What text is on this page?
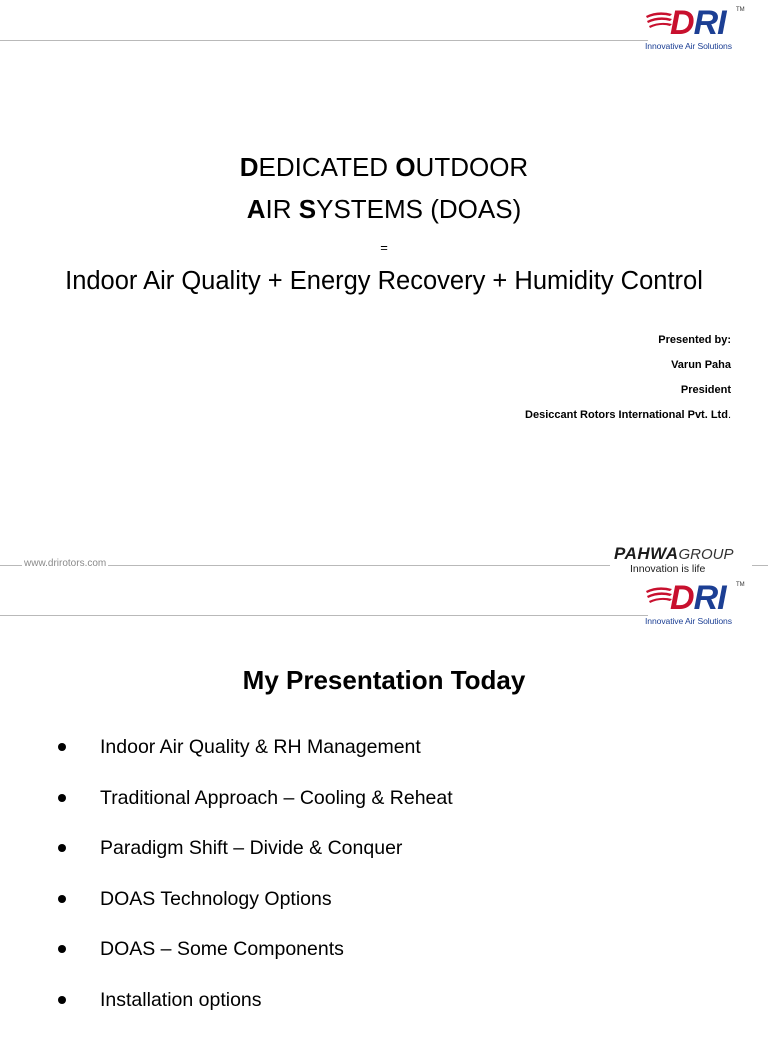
DRI TM
Innovative Air Solutions
DEDICATED OUTDOOR
AIR SYSTEMS (DOAS)
=
Indoor Air Quality + Energy Recovery + Humidity Control
Presented by:
Varun Paha
President
Desiccant Rotors International Pvt. Ltd.
www.drirotors.com
PAHWAGROUP
Innovation is life
DRI TM
Innovative Air Solutions
My Presentation Today
Indoor Air Quality & RH Management
Traditional Approach – Cooling & Reheat
Paradigm Shift – Divide & Conquer
DOAS Technology Options
DOAS – Some Components
Installation options
